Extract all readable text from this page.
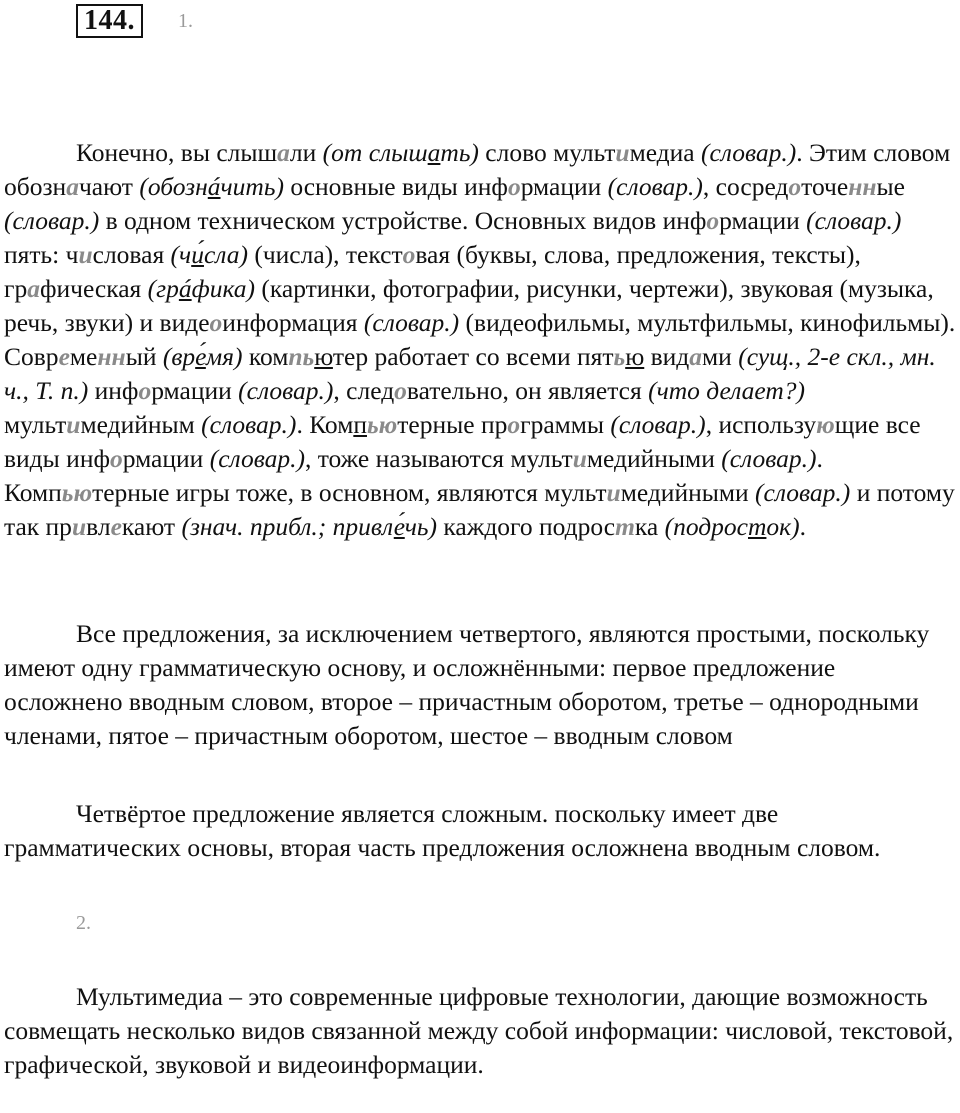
144.	1.

Конечно, вы слышали (от слышать) слово мультимедиа (словар.). Этим словом обозначают (обознáчить) основные виды информации (словар.), сосредоточенные (словар.) в одном техническом устройстве. Основных видов информации (словар.) пять: числовая (чи́сла) (числа), текстовая (буквы, слова, предложения, тексты), графическая (грáфика) (картинки, фотографии, рисунки, чертежи), звуковая (музыка, речь, звуки) и видеоинформация (словар.) (видеофильмы, мультфильмы, кинофильмы). Современный (вре́мя) компьютер работает со всеми пятью видами (сущ., 2-е скл., мн. ч., Т. п.) информации (словар.), следовательно, он является (что делает?) мультимедийным (словар.). Компьютерные программы (словар.), использующие все виды информации (словар.), тоже называются мультимедийными (словар.). Компьютерные игры тоже, в основном, являются мультимедийными (словар.) и потому так привлекают (знач. прибл.; привле́чь) каждого подростка (подросток).

Все предложения, за исключением четвертого, являются простыми, поскольку имеют одну грамматическую основу, и осложнёнными: первое предложение осложнено вводным словом, второе – причастным оборотом, третье – однородными членами, пятое – причастным оборотом, шестое – вводным словом

Четвёртое предложение является сложным. поскольку имеет две грамматических основы, вторая часть предложения осложнена вводным словом.

2.

Мультимедиа – это современные цифровые технологии, дающие возможность совмещать несколько видов связанной между собой информации: числовой, текстовой, графической, звуковой и видеоинформации.
